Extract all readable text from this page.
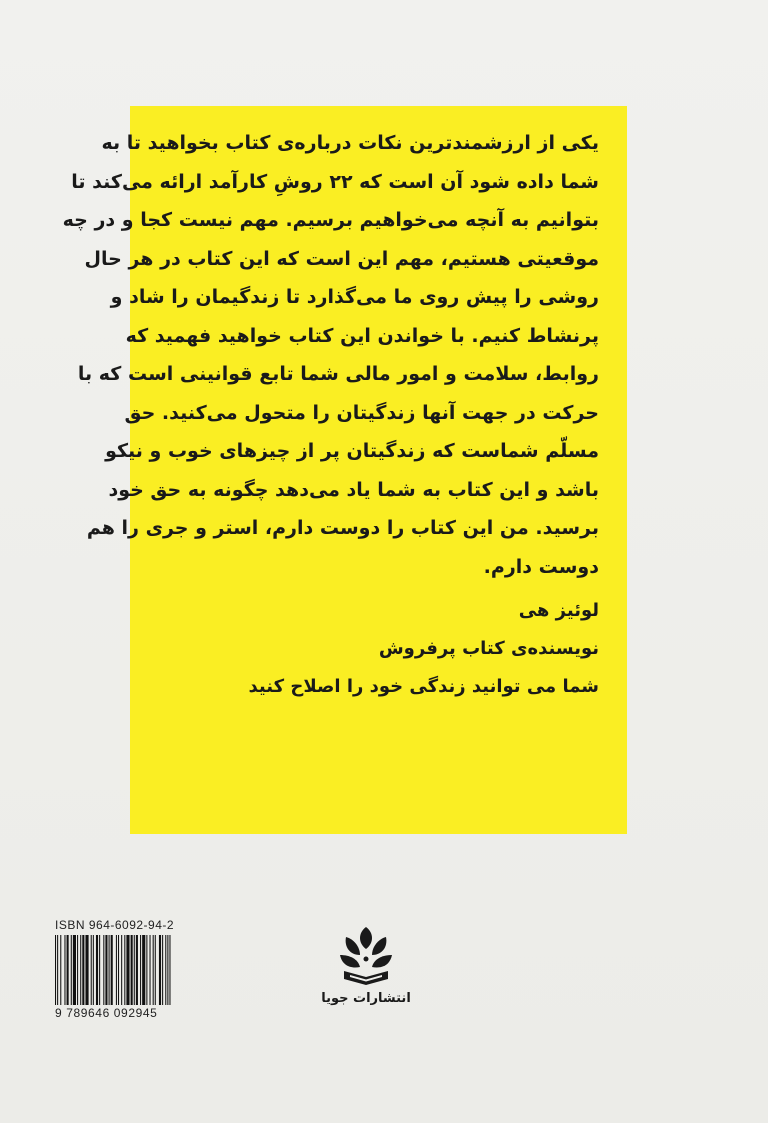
یکی از ارزشمندترین نکات درباره‌ی کتاب بخواهید تا به
شما داده شود آن است که ۲۲ روشِ کارآمد ارائه می‌کند تا
بتوانیم به آنچه می‌خواهیم برسیم. مهم نیست کجا و در چه
موقعیتی هستیم، مهم این است که این کتاب در هر حال
روشی را پیش روی ما می‌گذارد تا زندگیمان را شاد و
پرنشاط کنیم. با خواندن این کتاب خواهید فهمید که
روابط، سلامت و امور مالی شما تابع قوانینی است که با
حرکت در جهت آنها زندگیتان را متحول می‌کنید. حق
مسلّم شماست که زندگیتان پر از چیزهای خوب و نیکو
باشد و این کتاب به شما یاد می‌دهد چگونه به حق خود
برسید. من این کتاب را دوست دارم، استر و جری را هم
دوست دارم.
لوئیز هی
نویسنده‌ی کتاب پرفروش
شما می توانید زندگی خود را اصلاح کنید
ISBN 964-6092-94-2
9 789646 092945
انتشارات جویا
